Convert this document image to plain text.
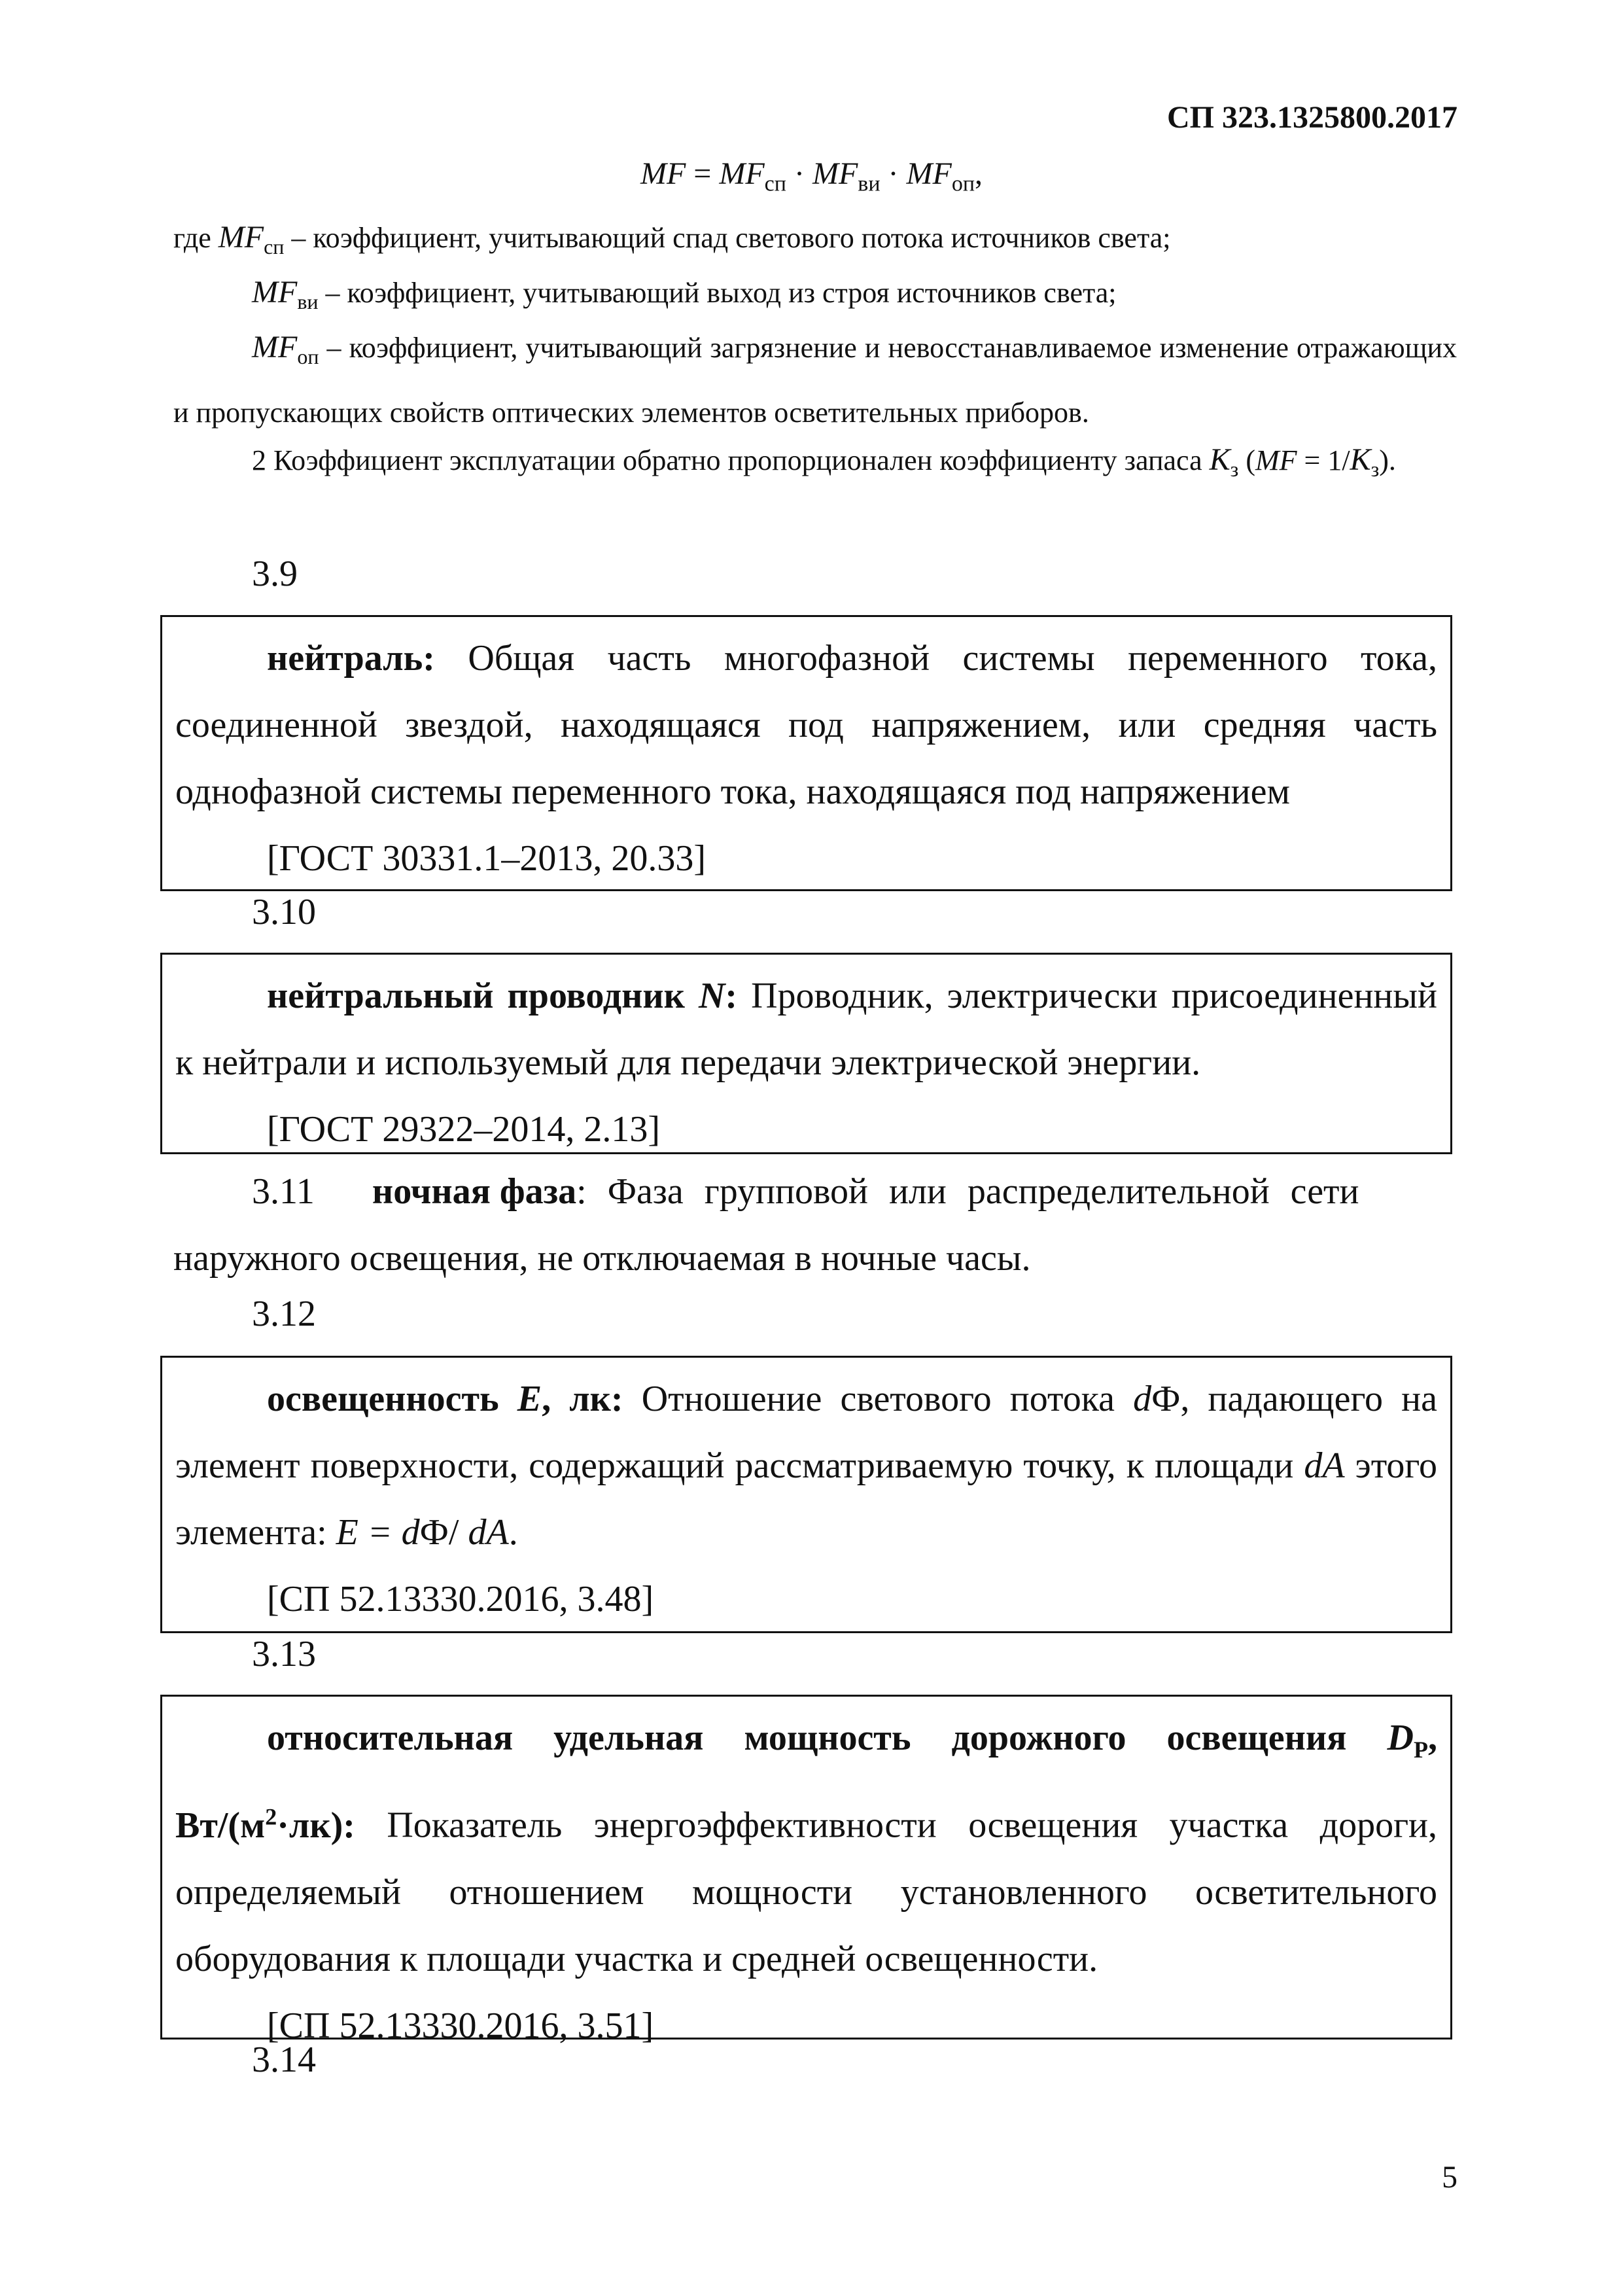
СП 323.1325800.2017
MF = $MF_{сп} \cdot MF_{ви} \cdot MF_{оп}$,
где $MF_{сп}$ – коэффициент, учитывающий спад светового потока источников света;
$MF_{ви}$ – коэффициент, учитывающий выход из строя источников света;
$MF_{оп}$ – коэффициент, учитывающий загрязнение и невосстанавливаемое изменение отражающих и пропускающих свойств оптических элементов осветительных приборов.
2 Коэффициент эксплуатации обратно пропорционален коэффициенту запаса $K_з$ $(MF = 1/K_з)$.
3.9

нейтраль: Общая часть многофазной системы переменного тока, соединенной звездой, находящаяся под напряжением, или средняя часть однофазной системы переменного тока, находящаяся под напряжением

[ГОСТ 30331.1–2013, 20.33]

3.10

нейтральный проводник N: Проводник, электрически присоединенный к нейтрали и используемый для передачи электрической энергии.

[ГОСТ 29322–2014, 2.13]

3.11 ночная фаза: Фаза групповой или распределительной сети
наружного освещения, не отключаемая в ночные часы.
3.12

освещенность E, лк: Отношение светового потока dФ, падающего на элемент поверхности, содержащий рассматриваемую точку, к площади dA этого элемента: E = dФ/ dA.

[СП 52.13330.2016, 3.48]

3.13

относительная удельная мощность дорожного освещения $D_P$, $Вт/(м^2\cdot лк)$: Показатель энергоэффективности освещения участка дороги, определяемый отношением мощности установленного осветительного оборудования к площади участка и средней освещенности.

[СП 52.13330.2016, 3.51]

3.14
5
